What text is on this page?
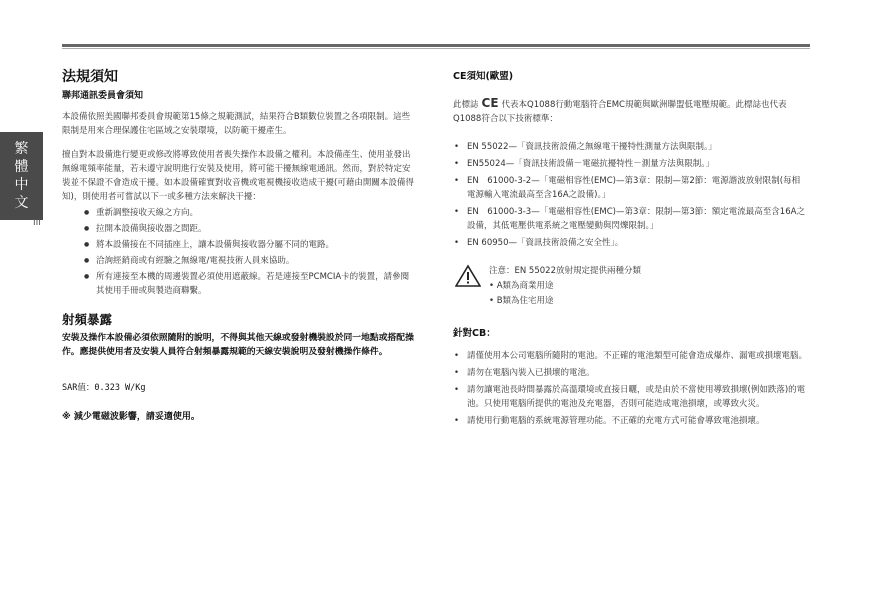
繁體中文
III
法規須知
聯邦通訊委員會須知

本設備依照美國聯邦委員會規範第15條之規範測試，結果符合B類數位裝置之各項限制。這些限制是用來合理保護住宅區域之安裝環境，以防範干擾產生。

擅自對本設備進行變更或修改將導致使用者喪失操作本設備之權利。本設備產生、使用並發出無線電頻率能量，若未遵守說明進行安裝及使用，將可能干擾無線電通訊。然而，對於特定安裝並不保證不會造成干擾。如本設備確實對收音機或電視機接收造成干擾(可藉由開關本設備得知)，則使用者可嘗試以下一或多種方法來解決干擾：

● 重新調整接收天線之方向。
● 拉開本設備與接收器之間距。
● 將本設備接在不同插座上，讓本設備與接收器分屬不同的電路。
● 洽詢經銷商或有經驗之無線電/電視技術人員來協助。
● 所有連接至本機的周邊裝置必須使用遮蔽線。若是連接至PCMCIA卡的裝置，請參閱其使用手冊或與製造商聯繫。
射頻暴露

安裝及操作本設備必須依照隨附的說明，不得與其他天線或發射機裝設於同一地點或搭配操作。應提供使用者及安裝人員符合射頻暴露規範的天線安裝說明及發射機操作條件。

SAR值：0.323 W/Kg

※ 減少電磁波影響，請妥適使用。

CE須知(歐盟)

此標誌 CE 代表本Q1088行動電腦符合EMC規範與歐洲聯盟低電壓規範。此標誌也代表Q1088符合以下技術標準：

• EN 55022—「資訊技術設備之無線電干擾特性測量方法與限制。」
• EN55024—「資訊技術設備－電磁抗擾特性－測量方法與限制。」
• EN　61000-3-2—「電磁相容性(EMC)—第3章：限制—第2節：電源諧波放射限制(每相電源輸入電流最高至含16A之設備)。」
• EN　61000-3-3—「電磁相容性(EMC)—第3章：限制—第3節：額定電流最高至含16A之設備，其低電壓供電系統之電壓變動與閃爍限制。」
• EN 60950—「資訊技術設備之安全性」。
注意：EN 55022放射規定提供兩種分類
• A類為商業用途
• B類為住宅用途
針對CB：
• 請僅使用本公司電腦所隨附的電池。不正確的電池類型可能會造成爆炸、漏電或損壞電腦。
• 請勿在電腦內裝入已損壞的電池。
• 請勿讓電池長時間暴露於高溫環境或直接日曬，或是由於不當使用導致損壞(例如跌落)的電池。只使用電腦所提供的電池及充電器，否則可能造成電池損壞，或導致火災。
• 請使用行動電腦的系統電源管理功能。不正確的充電方式可能會導致電池損壞。
